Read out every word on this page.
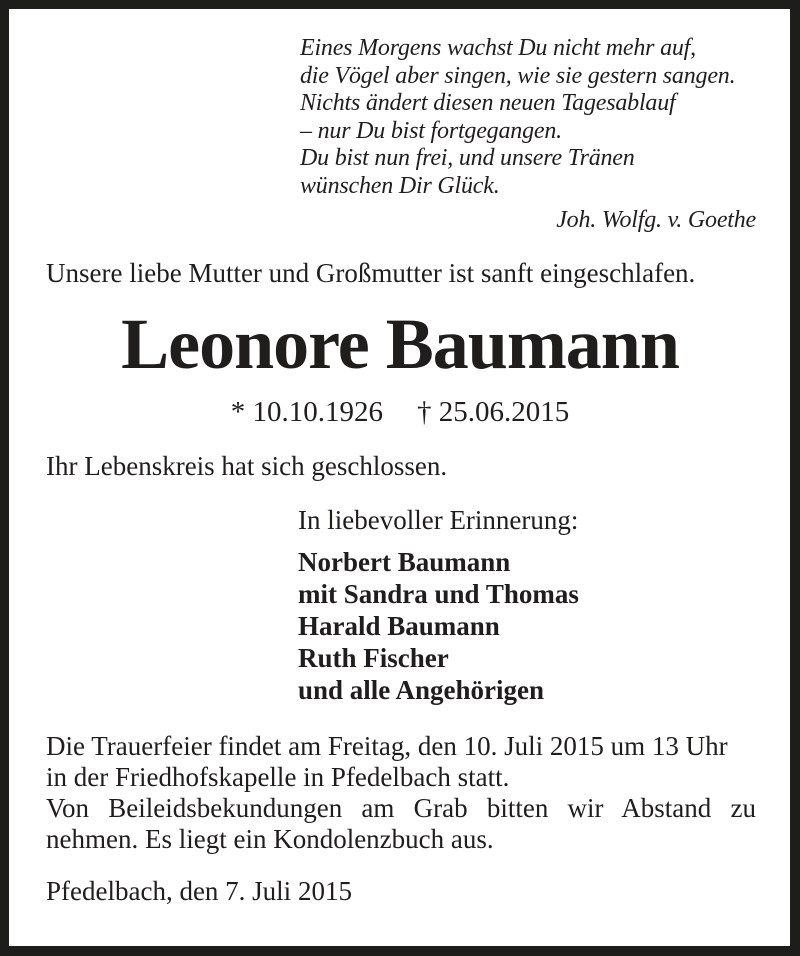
Eines Morgens wachst Du nicht mehr auf,
die Vögel aber singen, wie sie gestern sangen.
Nichts ändert diesen neuen Tagesablauf
– nur Du bist fortgegangen.
Du bist nun frei, und unsere Tränen
wünschen Dir Glück.
Joh. Wolfg. v. Goethe
Unsere liebe Mutter und Großmutter ist sanft eingeschlafen.
Leonore Baumann
* 10.10.1926 † 25.06.2015
Ihr Lebenskreis hat sich geschlossen.
In liebevoller Erinnerung:
Norbert Baumann
mit Sandra und Thomas
Harald Baumann
Ruth Fischer
und alle Angehörigen
Die Trauerfeier findet am Freitag, den 10. Juli 2015 um 13 Uhr
in der Friedhofskapelle in Pfedelbach statt.
Von Beileidsbekundungen am Grab bitten wir Abstand zu
nehmen. Es liegt ein Kondolenzbuch aus.
Pfedelbach, den 7. Juli 2015
